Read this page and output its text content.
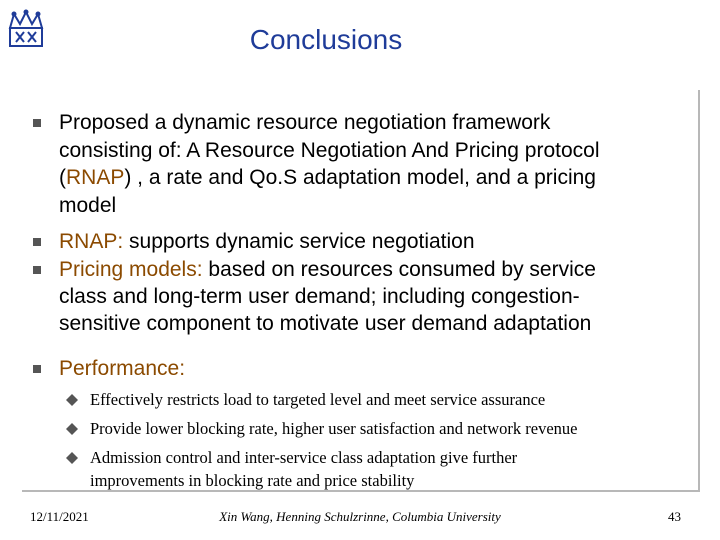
Conclusions
Proposed a dynamic resource negotiation framework
consisting of: A Resource Negotiation And Pricing protocol
(RNAP) , a rate and Qo.S adaptation model, and a pricing
model
RNAP: supports dynamic service negotiation
Pricing models: based on resources consumed by service
class and long-term user demand; including congestion-
sensitive component to motivate user demand adaptation
Performance:
Effectively restricts load to targeted level and meet service assurance
Provide lower blocking rate, higher user satisfaction and network revenue
Admission control and inter-service class adaptation give further
improvements in blocking rate and price stability
12/11/2021	Xin Wang, Henning Schulzrinne, Columbia University	43
